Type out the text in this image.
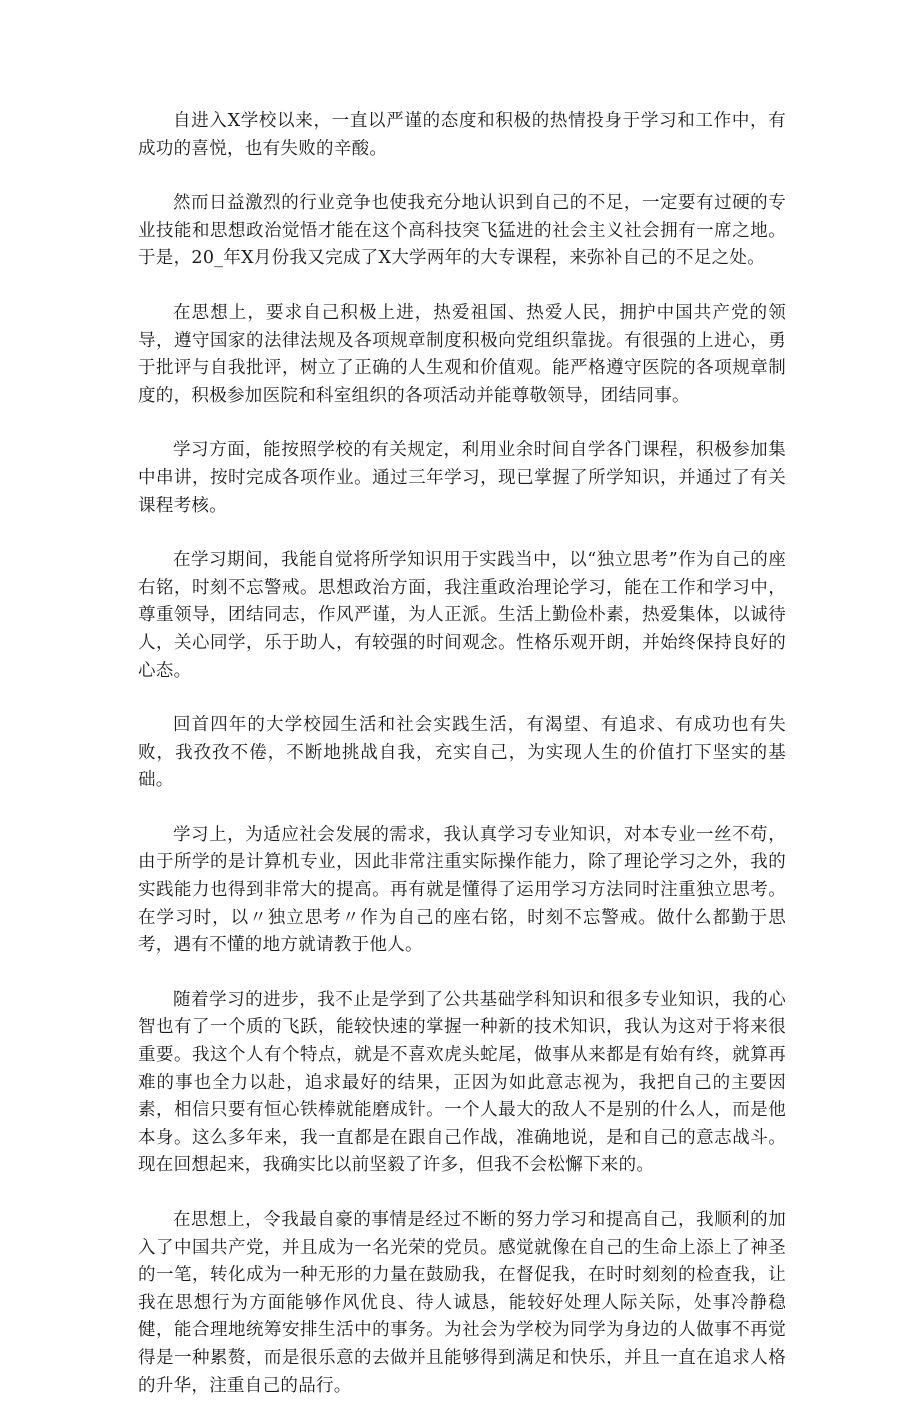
自进入X学校以来，一直以严谨的态度和积极的热情投身于学习和工作中，有成功的喜悦，也有失败的辛酸。

然而日益激烈的行业竞争也使我充分地认识到自己的不足，一定要有过硬的专业技能和思想政治觉悟才能在这个高科技突飞猛进的社会主义社会拥有一席之地。于是，20_年X月份我又完成了X大学两年的大专课程，来弥补自己的不足之处。

在思想上，要求自己积极上进，热爱祖国、热爱人民，拥护中国共产党的领导，遵守国家的法律法规及各项规章制度积极向党组织靠拢。有很强的上进心，勇于批评与自我批评，树立了正确的人生观和价值观。能严格遵守医院的各项规章制度的，积极参加医院和科室组织的各项活动并能尊敬领导，团结同事。

学习方面，能按照学校的有关规定，利用业余时间自学各门课程，积极参加集中串讲，按时完成各项作业。通过三年学习，现已掌握了所学知识，并通过了有关课程考核。

在学习期间，我能自觉将所学知识用于实践当中，以“独立思考”作为自己的座右铭，时刻不忘警戒。思想政治方面，我注重政治理论学习，能在工作和学习中，尊重领导，团结同志，作风严谨，为人正派。生活上勤俭朴素，热爱集体，以诚待人，关心同学，乐于助人，有较强的时间观念。性格乐观开朗，并始终保持良好的心态。

回首四年的大学校园生活和社会实践生活，有渴望、有追求、有成功也有失败，我孜孜不倦，不断地挑战自我，充实自己，为实现人生的价值打下坚实的基础。

学习上，为适应社会发展的需求，我认真学习专业知识，对本专业一丝不苟，由于所学的是计算机专业，因此非常注重实际操作能力，除了理论学习之外，我的实践能力也得到非常大的提高。再有就是懂得了运用学习方法同时注重独立思考。在学习时，以〃独立思考〃作为自己的座右铭，时刻不忘警戒。做什么都勤于思考，遇有不懂的地方就请教于他人。

随着学习的进步，我不止是学到了公共基础学科知识和很多专业知识，我的心智也有了一个质的飞跃，能较快速的掌握一种新的技术知识，我认为这对于将来很重要。我这个人有个特点，就是不喜欢虎头蛇尾，做事从来都是有始有终，就算再难的事也全力以赴，追求最好的结果，正因为如此意志视为，我把自己的主要因素，相信只要有恒心铁棒就能磨成针。一个人最大的敌人不是别的什么人，而是他本身。这么多年来，我一直都是在跟自己作战，准确地说，是和自己的意志战斗。现在回想起来，我确实比以前坚毅了许多，但我不会松懈下来的。

在思想上，令我最自豪的事情是经过不断的努力学习和提高自己，我顺利的加入了中国共产党，并且成为一名光荣的党员。感觉就像在自己的生命上添上了神圣的一笔，转化成为一种无形的力量在鼓励我，在督促我，在时时刻刻的检查我，让我在思想行为方面能够作风优良、待人诚恳，能较好处理人际关际，处事冷静稳健，能合理地统筹安排生活中的事务。为社会为学校为同学为身边的人做事不再觉得是一种累赘，而是很乐意的去做并且能够得到满足和快乐，并且一直在追求人格的升华，注重自己的品行。
